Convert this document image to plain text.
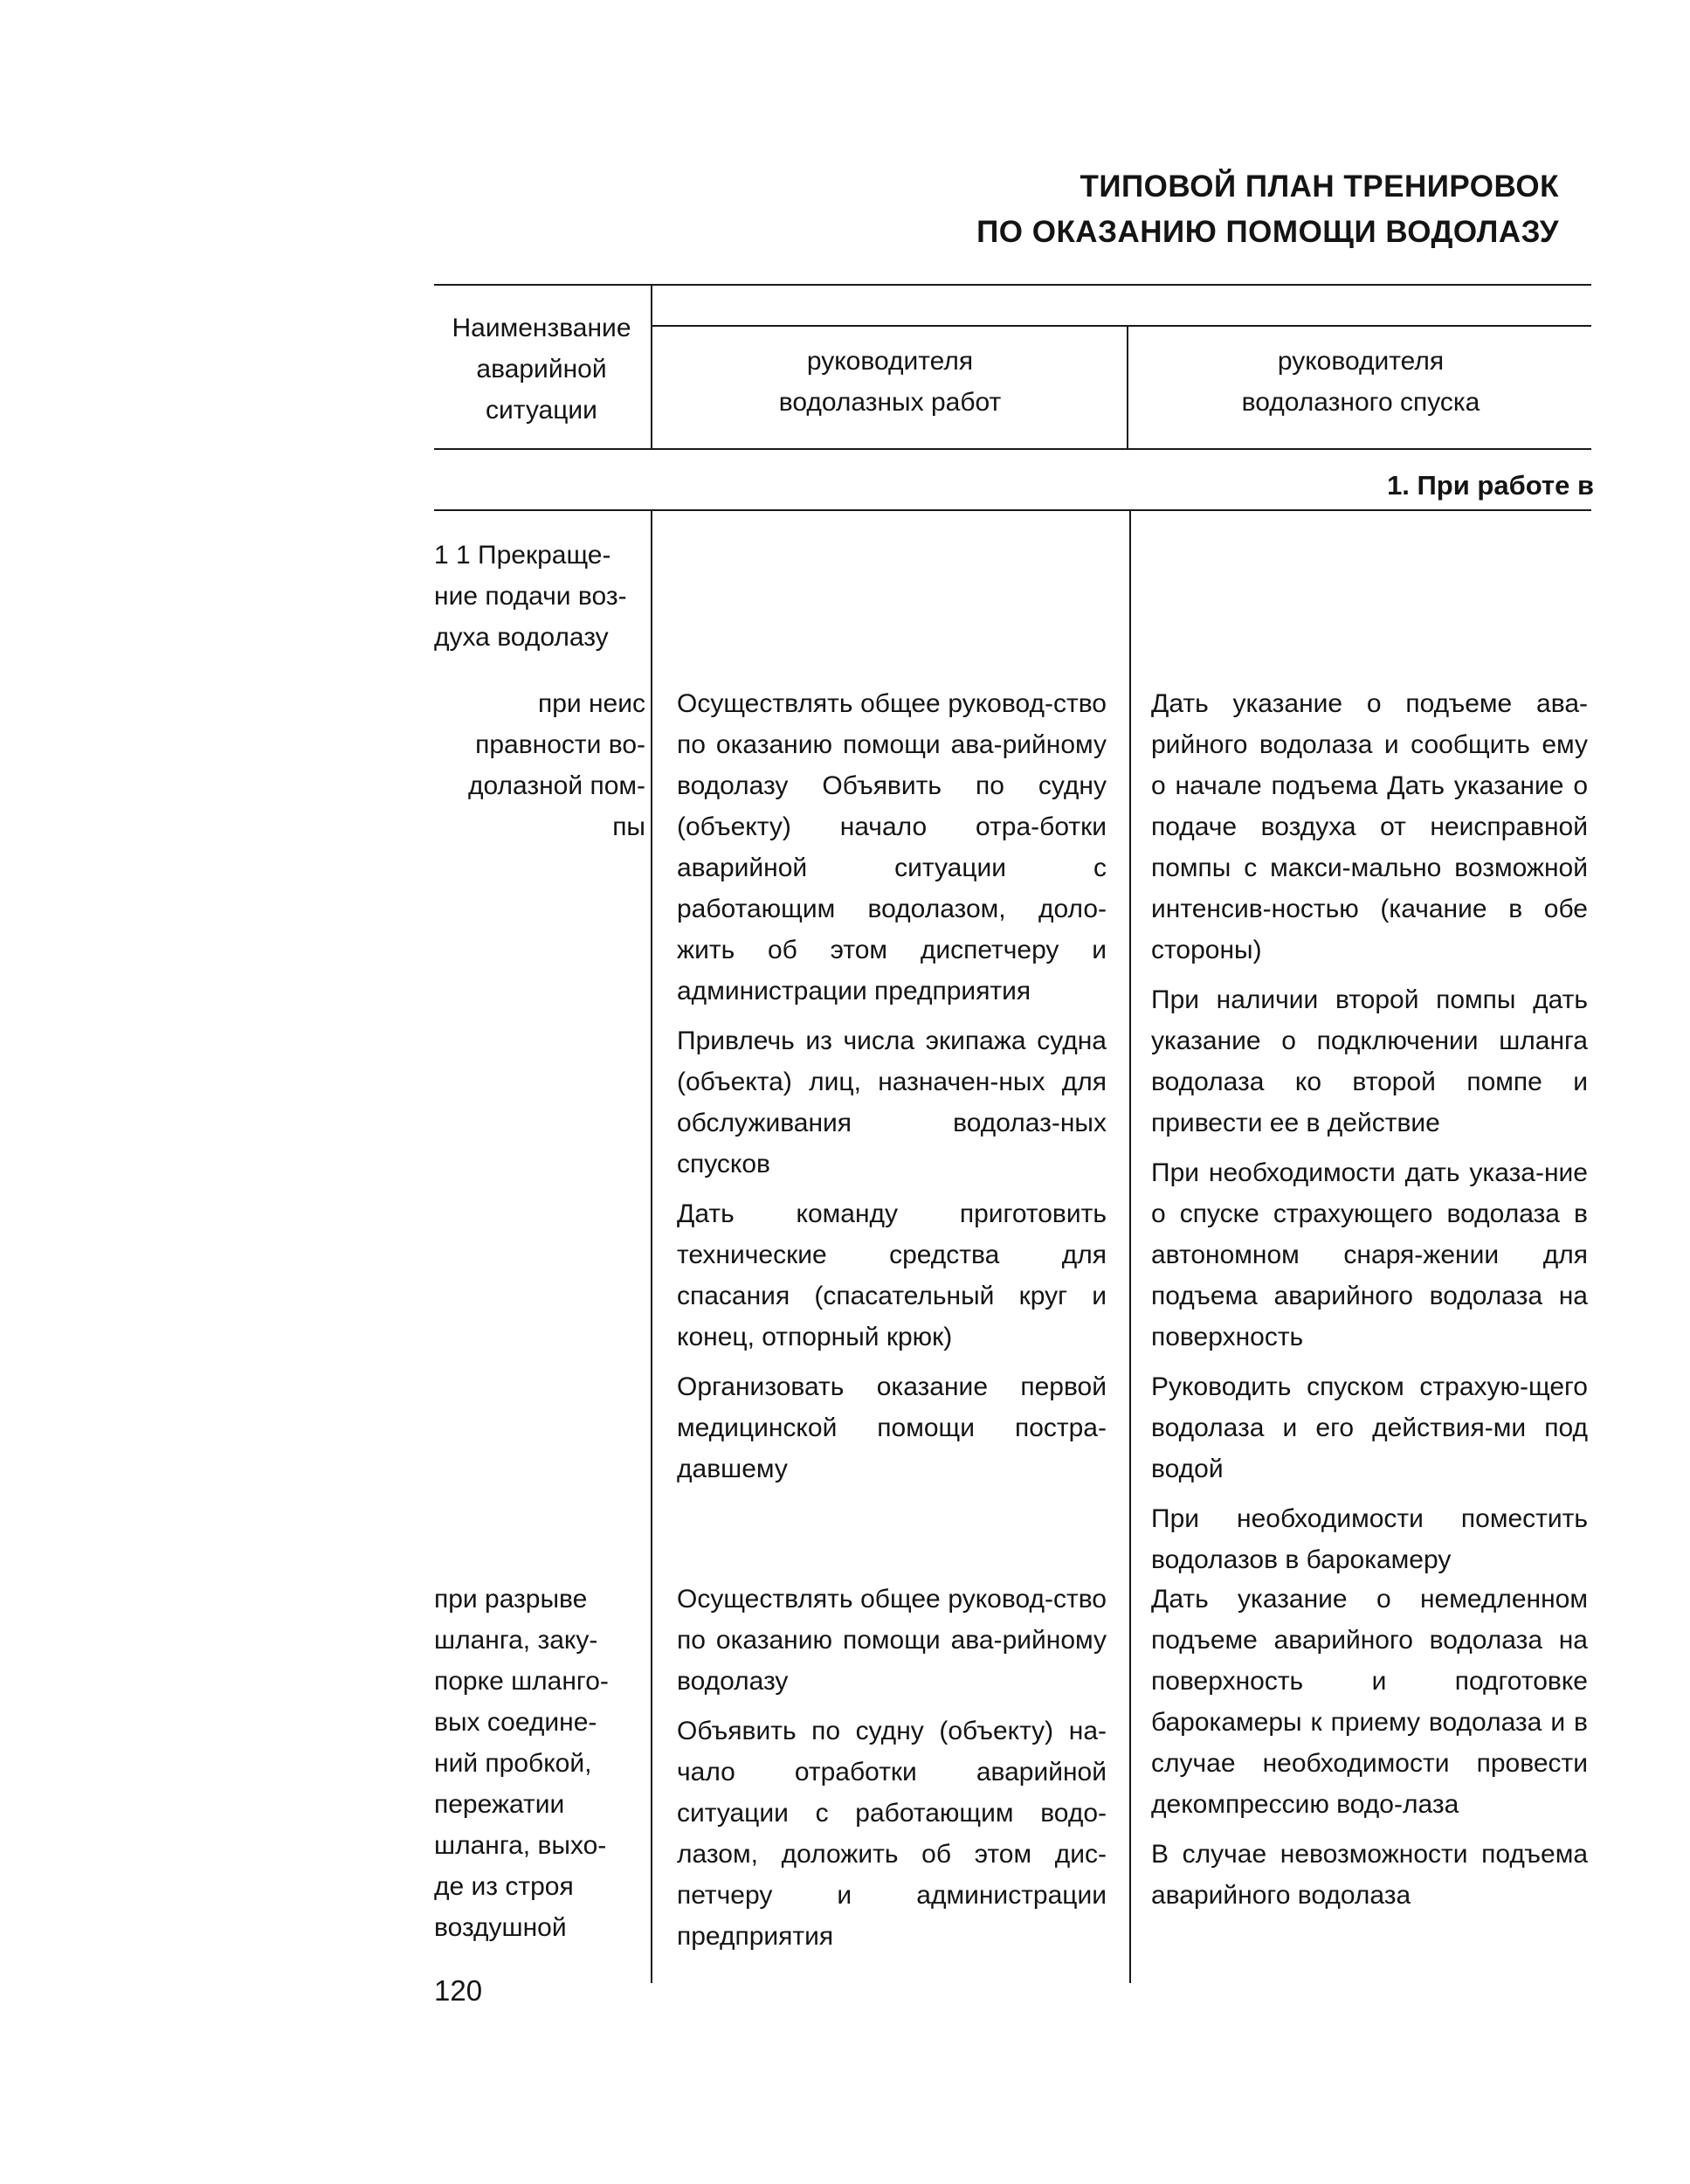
ТИПОВОЙ ПЛАН ТРЕНИРОВОК
ПО ОКАЗАНИЮ ПОМОЩИ ВОДОЛАЗУ
Наимензвание
аварийной
ситуации
руководителя
водолазных работ
руководителя
водолазного спуска
1. При работе в
1 1 Прекраще-
ние подачи воз-
духа водолазу
при неис
правности во-
долазной пом-
пы

Осуществлять общее руковод-ство по оказанию помощи ава-рийному водолазу Объявить по судну (объекту) начало отра-ботки аварийной ситуации с работающим водолазом, доло-жить об этом диспетчеру и администрации предприятия

Привлечь из числа экипажа судна (объекта) лиц, назначен-ных для обслуживания водолаз-ных спусков

Дать команду приготовить технические средства для спасания (спасательный круг и конец, отпорный крюк)

Организовать оказание первой медицинской помощи постра-давшему

Дать указание о подъеме ава-рийного водолаза и сообщить ему о начале подъема Дать указание о подаче воздуха от неисправной помпы с макси-мально возможной интенсив-ностью (качание в обе стороны)

При наличии второй помпы дать указание о подключении шланга водолаза ко второй помпе и привести ее в действие

При необходимости дать указа-ние о спуске страхующего водолаза в автономном снаря-жении для подъема аварийного водолаза на поверхность

Руководить спуском страхую-щего водолаза и его действия-ми под водой

При необходимости поместить водолазов в барокамеру

при разрыве
шланга, заку-
порке шланго-
вых соедине-
ний пробкой,
пережатии
шланга, выхо-
де из строя
воздушной

Осуществлять общее руковод-ство по оказанию помощи ава-рийному водолазу

Объявить по судну (объекту) на-чало отработки аварийной ситуации с работающим водо-лазом, доложить об этом дис-петчеру и администрации предприятия

Дать указание о немедленном подъеме аварийного водолаза на поверхность и подготовке барокамеры к приему водолаза и в случае необходимости провести декомпрессию водо-лаза

В случае невозможности подъема аварийного водолаза

120
